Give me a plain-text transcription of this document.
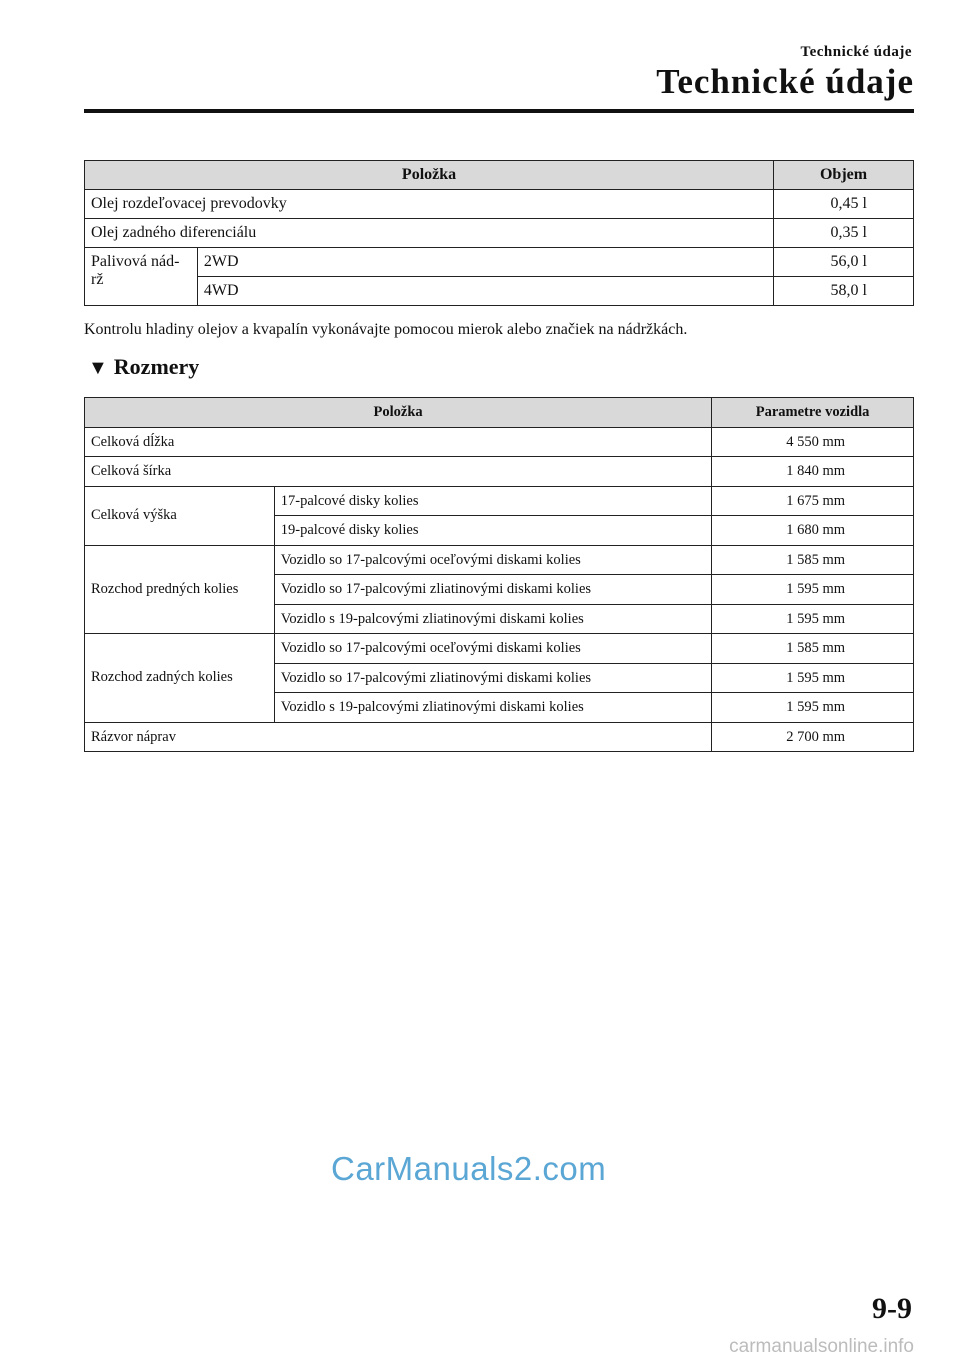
Technické údaje
Technické údaje
Položka		Objem
Olej rozdeľovacej prevodovky		0,45 l
Olej zadného diferenciálu		0,35 l
Palivová nád-
rž	2WD	56,0 l
	4WD	58,0 l
Kontrolu hladiny olejov a kvapalín vykonávajte pomocou mierok alebo značiek na nádržkách.
▼ Rozmery
Položka		Parametre vozidla
Celková dĺžka		4 550 mm
Celková šírka		1 840 mm
Celková výška	17-palcové disky kolies	1 675 mm
	19-palcové disky kolies	1 680 mm
Rozchod predných kolies	Vozidlo so 17-palcovými oceľovými diskami kolies	1 585 mm
	Vozidlo so 17-palcovými zliatinovými diskami kolies	1 595 mm
	Vozidlo s 19-palcovými zliatinovými diskami kolies	1 595 mm
Rozchod zadných kolies	Vozidlo so 17-palcovými oceľovými diskami kolies	1 585 mm
	Vozidlo so 17-palcovými zliatinovými diskami kolies	1 595 mm
	Vozidlo s 19-palcovými zliatinovými diskami kolies	1 595 mm
Rázvor náprav		2 700 mm
CarManuals2.com
9-9
carmanualsonline.info
